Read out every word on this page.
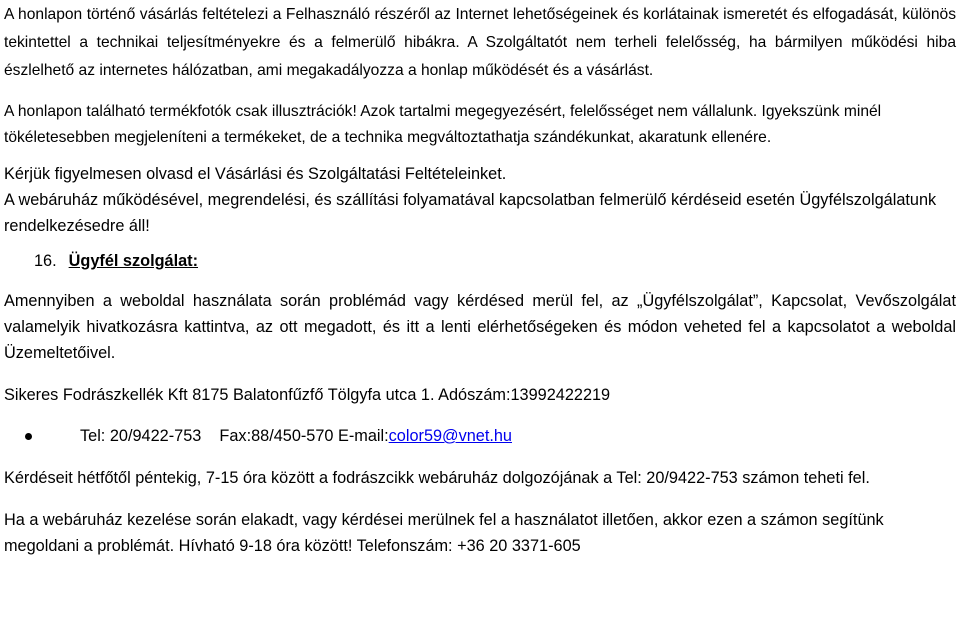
A honlapon történő vásárlás feltételezi a Felhasználó részéről az Internet lehetőségeinek és korlátainak ismeretét és elfogadását, különös tekintettel a technikai teljesítményekre és a felmerülő hibákra. A Szolgáltatót nem terheli felelősség, ha bármilyen működési hiba észlelhető az internetes hálózatban, ami megakadályozza a honlap működését és a vásárlást.

A honlapon található termékfotók csak illusztrációk! Azok tartalmi megegyezésért, felelősséget nem vállalunk. Igyekszünk minél tökéletesebben megjeleníteni a termékeket, de a technika megváltoztathatja szándékunkat, akaratunk ellenére.

Kérjük figyelmesen olvasd el Vásárlási és Szolgáltatási Feltételeinket.

A webáruház működésével, megrendelési, és szállítási folyamatával kapcsolatban felmerülő kérdéseid esetén Ügyfélszolgálatunk rendelkezésedre áll!

16. Ügyfél szolgálat:

Amennyiben a weboldal használata során problémád vagy kérdésed merül fel, az „Ügyfélszolgálat”, Kapcsolat, Vevőszolgálat valamelyik hivatkozásra kattintva, az ott megadott, és itt a lenti elérhetőségeken és módon veheted fel a kapcsolatot a weboldal Üzemeltetőivel.

Sikeres Fodrászkellék Kft 8175 Balatonfűzfő Tölgyfa utca 1. Adószám:13992422219

Tel: 20/9422-753
Fax:88/450-570 E-mail: color59@vnet.hu

Kérdéseit hétfőtől péntekig, 7-15 óra között a fodrászcikk webáruház dolgozójának a Tel: 20/9422-753 számon teheti fel.

Ha a webáruház kezelése során elakadt, vagy kérdései merülnek fel a használatot illetően, akkor ezen a számon segítünk megoldani a problémát. Hívható 9-18 óra között! Telefonszám: +36 20 3371-605
